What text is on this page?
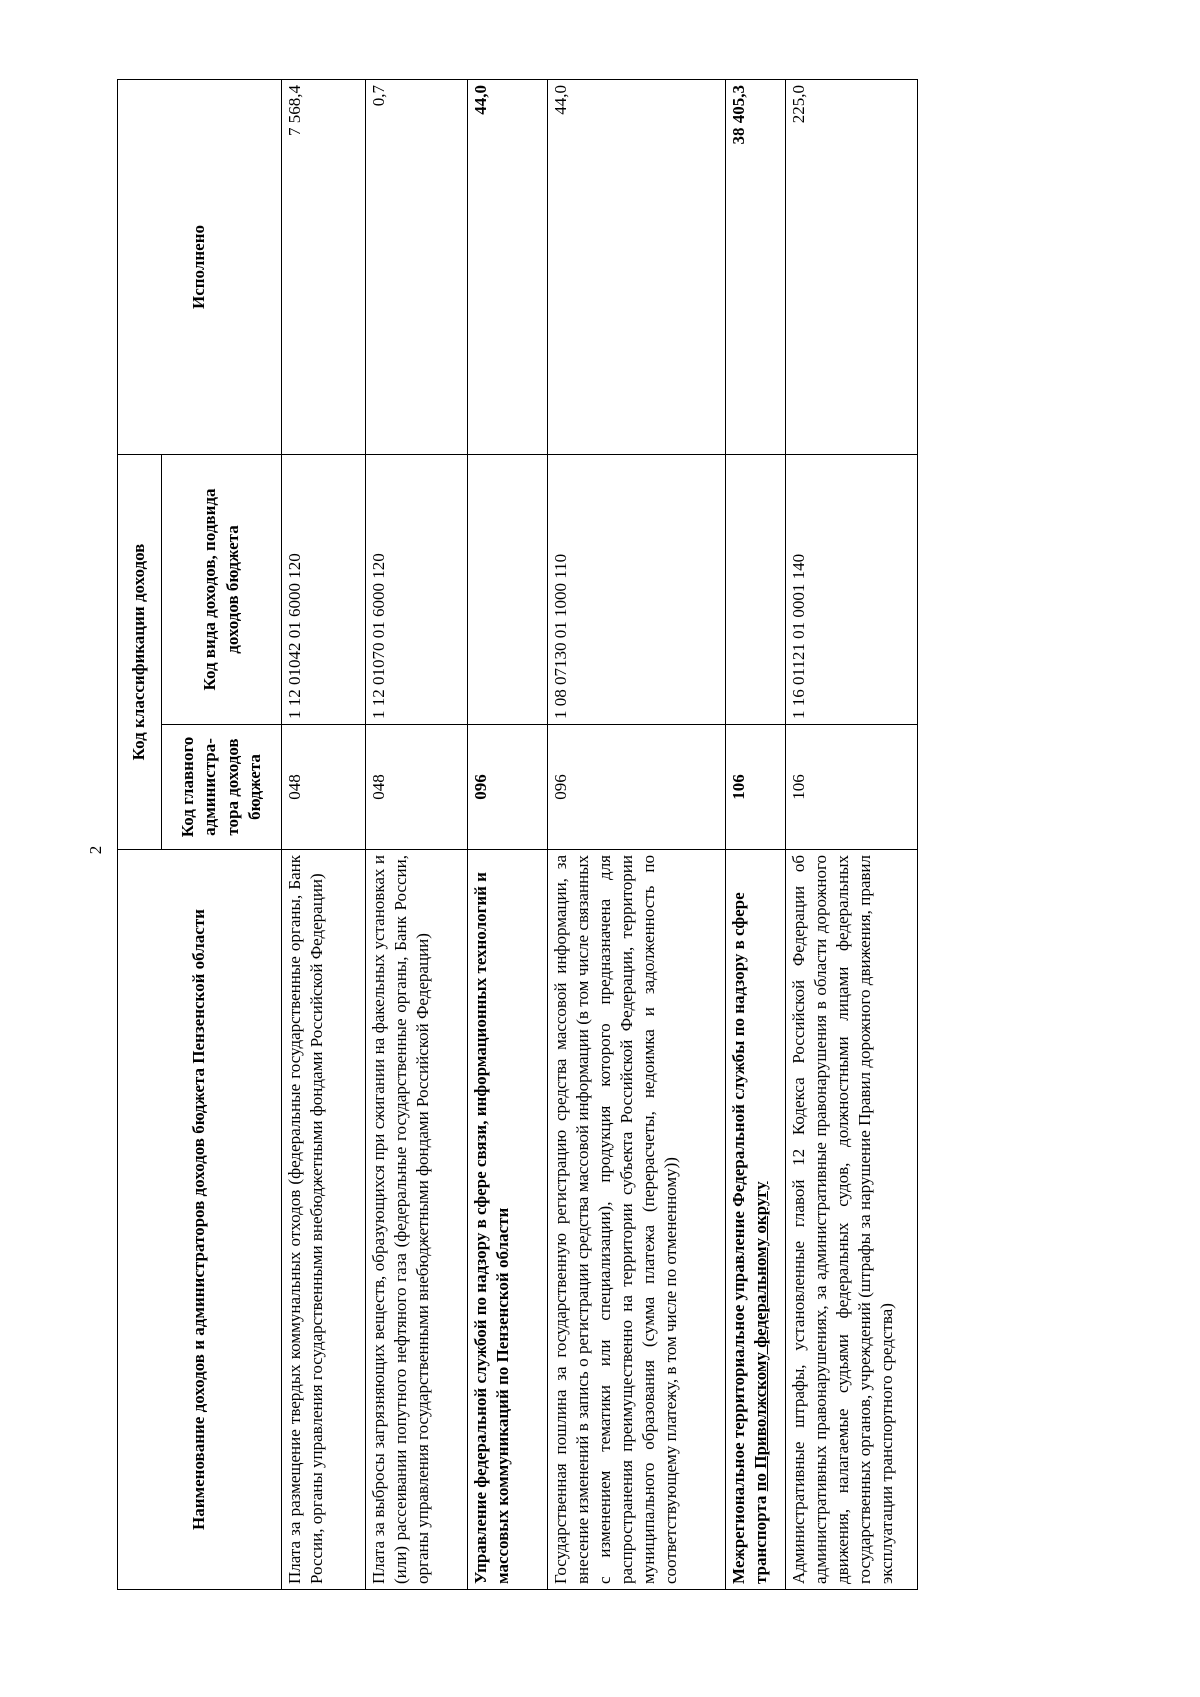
2
Наименование доходов и администраторов доходов бюджета Пензенской области	Код классификации доходов		Исполнено
	Код главного администра-тора доходов бюджета	Код вида доходов, подвида доходов бюджета	
Плата за размещение твердых коммунальных отходов (федеральные государственные органы, Банк России, органы управления государственными внебюджетными фондами Российской Федерации)	048	1 12 01042 01 6000 120	7 568,4
Плата за выбросы загрязняющих веществ, образующихся при сжигании на факельных установках и (или) рассеивании попутного нефтяного газа (федеральные государственные органы, Банк России, органы управления государственными внебюджетными фондами Российской Федерации)	048	1 12 01070 01 6000 120	0,7
Управление федеральной службой по надзору в сфере связи, информационных технологий и массовых коммуникаций по Пензенской области	096		44,0
Государственная пошлина за государственную регистрацию средства массовой информации, за внесение изменений в запись о регистрации средства массовой информации (в том числе связанных с изменением тематики или специализации), продукция которого предназначена для распространения преимущественно на территории субъекта Российской Федерации, территории муниципального образования (сумма платежа (перерасчеты, недоимка и задолженность по соответствующему платежу, в том числе по отмененному))	096	1 08 07130 01 1000 110	44,0
Межрегиональное территориальное управление Федеральной службы по надзору в сфере транспорта по Приволжскому федеральному округу	106		38 405,3
Административные штрафы, установленные главой 12 Кодекса Российской Федерации об административных правонарушениях, за административные правонарушения в области дорожного движения, налагаемые судьями федеральных судов, должностными лицами федеральных государственных органов, учреждений (штрафы за нарушение Правил дорожного движения, правил эксплуатации транспортного средства)	106	1 16 01121 01 0001 140	225,0
